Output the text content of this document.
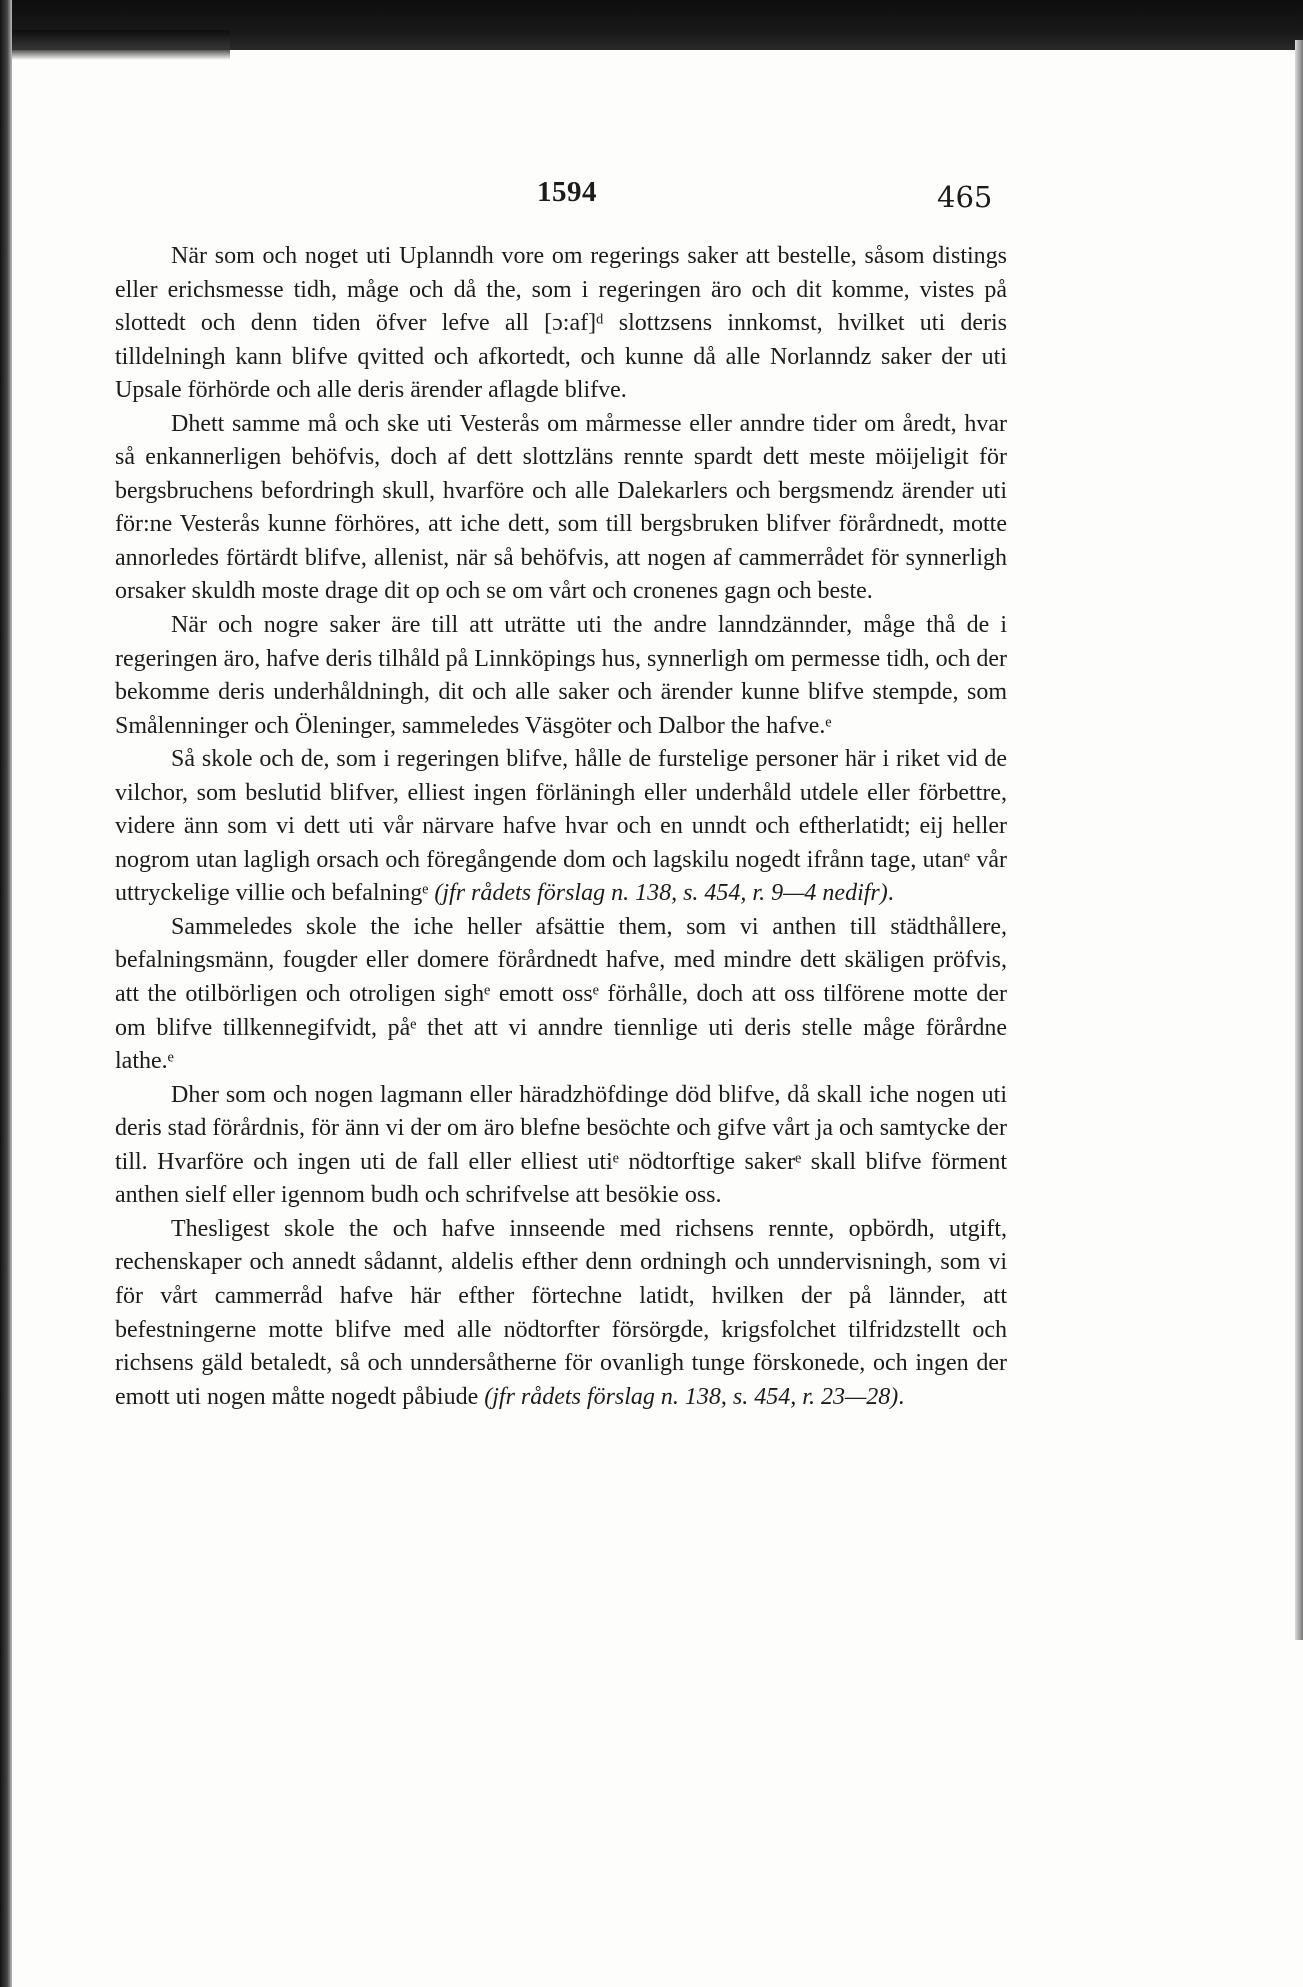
1594	465

När som och noget uti Uplanndh vore om regerings saker att bestelle, såsom distings eller erichsmesse tidh, måge och då the, som i regeringen äro och dit komme, vistes på slottedt och denn tiden öfver lefve all [ɔ:af]ᵈ slottzsens innkomst, hvilket uti deris tilldelningh kann blifve qvitted och afkortedt, och kunne då alle Norlanndz saker der uti Upsale förhörde och alle deris ärender aflagde blifve.

Dhett samme må och ske uti Vesterås om mårmesse eller anndre tider om åredt, hvar så enkannerligen behöfvis, doch af dett slottzläns rennte spardt dett meste möijeligit för bergsbruchens befordringh skull, hvarföre och alle Dalekarlers och bergsmendz ärender uti för:ne Vesterås kunne förhöres, att iche dett, som till bergsbruken blifver förårdnedt, motte annorledes förtärdt blifve, allenist, när så behöfvis, att nogen af cammerrådet för synnerligh orsaker skuldh moste drage dit op och se om vårt och cronenes gagn och beste.

När och nogre saker äre till att uträtte uti the andre lanndzännder, måge thå de i regeringen äro, hafve deris tilhåld på Linnköpings hus, synnerligh om permesse tidh, och der bekomme deris underhåldningh, dit och alle saker och ärender kunne blifve stempde, som Smålenninger och Öleninger, sammeledes Väsgöter och Dalbor the hafve.ᵉ

Så skole och de, som i regeringen blifve, hålle de furstelige personer här i riket vid de vilchor, som beslutid blifver, elliest ingen förläningh eller underhåld utdele eller förbettre, videre änn som vi dett uti vår närvare hafve hvar och en unndt och eftherlatidt; eij heller nogrom utan lagligh orsach och föregångende dom och lagskilu nogedt ifrånn tage, utanᵉ vår uttryckelige villie och befalningᵉ (jfr rådets förslag n. 138, s. 454, r. 9—4 nedifr).

Sammeledes skole the iche heller afsättie them, som vi anthen till städthållere, befalningsmänn, fougder eller domere förårdnedt hafve, med mindre dett skäligen pröfvis, att the otilbörligen och otroligen sighᵉ emott ossᵉ förhålle, doch att oss tilförene motte der om blifve tillkennegifvidt, påᵉ thet att vi anndre tiennlige uti deris stelle måge förårdne lathe.ᵉ

Dher som och nogen lagmann eller häradzhöfdinge död blifve, då skall iche nogen uti deris stad förårdnis, för änn vi der om äro blefne besöchte och gifve vårt ja och samtycke der till. Hvarföre och ingen uti de fall eller elliest utiᵉ nödtorftige sakerᵉ skall blifve förment anthen sielf eller igennom budh och schrifvelse att besökie oss.

Thesligest skole the och hafve innseende med richsens rennte, opbördh, utgift, rechenskaper och annedt sådannt, aldelis efther denn ordningh och unndervisningh, som vi för vårt cammerråd hafve här efther förtechne latidt, hvilken der på lännder, att befestningerne motte blifve med alle nödtorfter försörgde, krigsfolchet tilfridzstellt och richsens gäld betaledt, så och unndersåtherne för ovanligh tunge förskonede, och ingen der emott uti nogen måtte nogedt påbiude (jfr rådets förslag n. 138, s. 454, r. 23—28).
